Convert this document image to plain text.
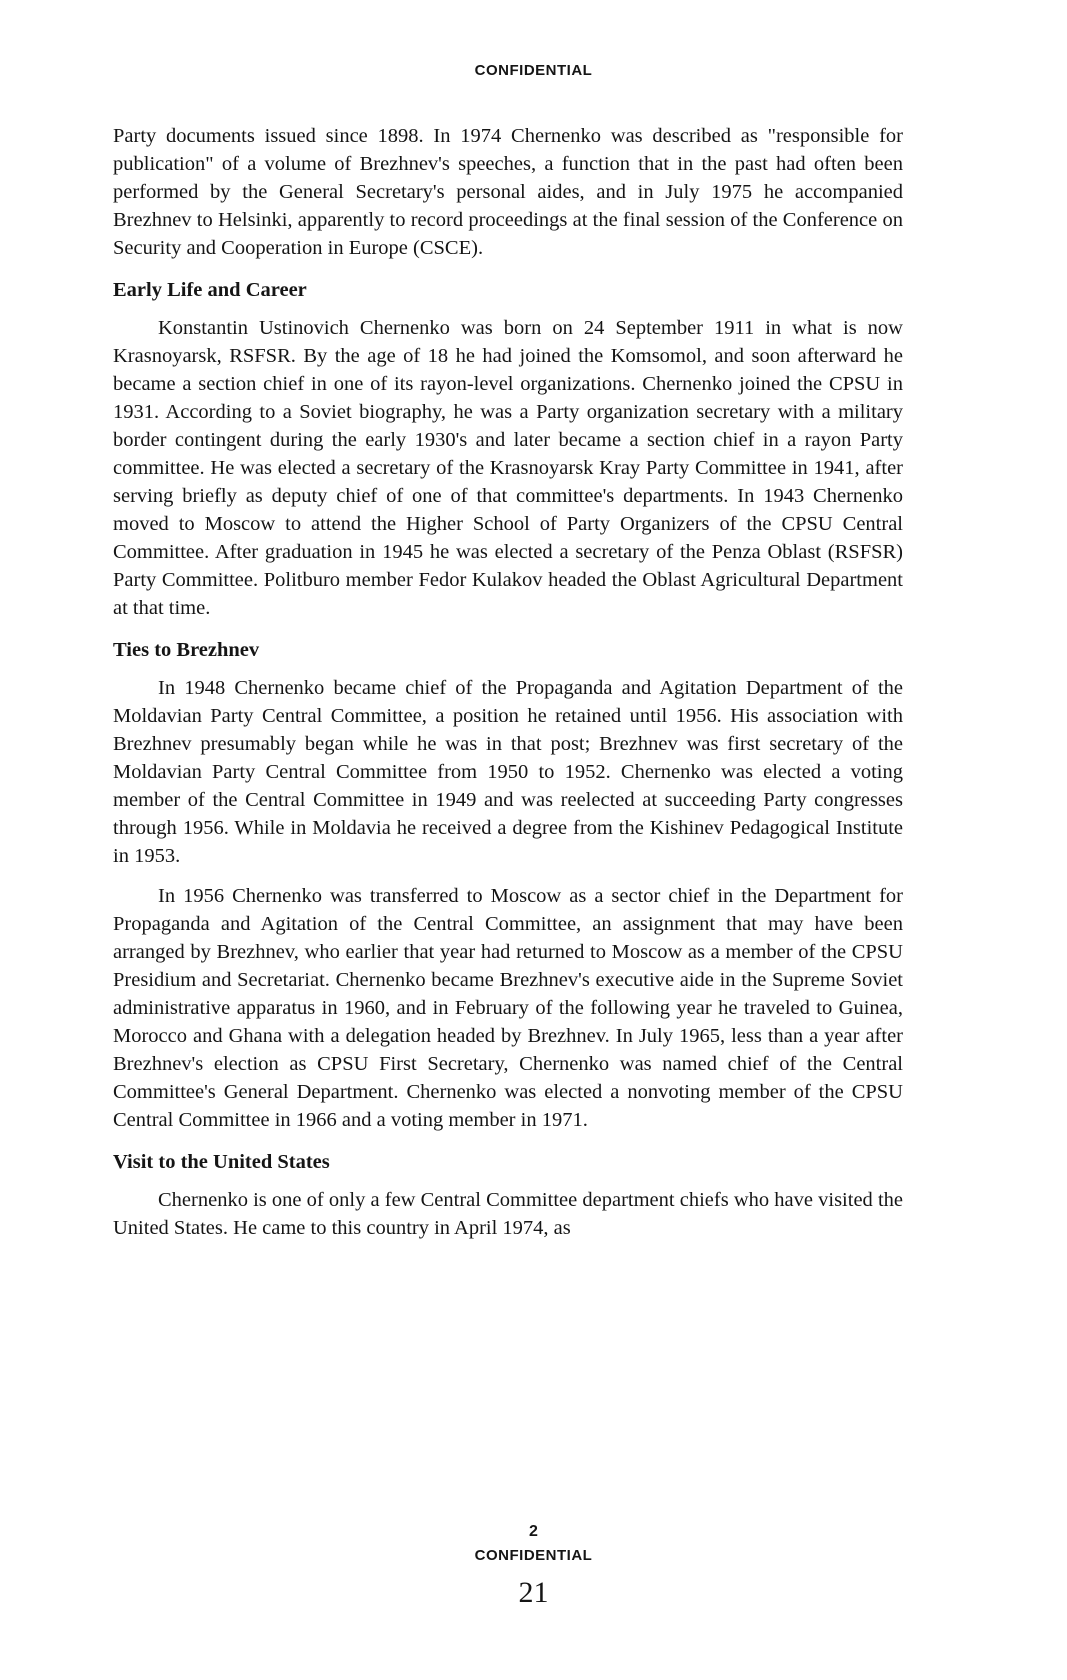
CONFIDENTIAL

Party documents issued since 1898. In 1974 Chernenko was described as "responsible for publication" of a volume of Brezhnev's speeches, a function that in the past had often been performed by the General Secretary's personal aides, and in July 1975 he accompanied Brezhnev to Helsinki, apparently to record proceedings at the final session of the Conference on Security and Cooperation in Europe (CSCE).

Early Life and Career

Konstantin Ustinovich Chernenko was born on 24 September 1911 in what is now Krasnoyarsk, RSFSR. By the age of 18 he had joined the Komsomol, and soon afterward he became a section chief in one of its rayon-level organizations. Chernenko joined the CPSU in 1931. According to a Soviet biography, he was a Party organization secretary with a military border contingent during the early 1930's and later became a section chief in a rayon Party committee. He was elected a secretary of the Krasnoyarsk Kray Party Committee in 1941, after serving briefly as deputy chief of one of that committee's departments. In 1943 Chernenko moved to Moscow to attend the Higher School of Party Organizers of the CPSU Central Committee. After graduation in 1945 he was elected a secretary of the Penza Oblast (RSFSR) Party Committee. Politburo member Fedor Kulakov headed the Oblast Agricultural Department at that time.

Ties to Brezhnev

In 1948 Chernenko became chief of the Propaganda and Agitation Department of the Moldavian Party Central Committee, a position he retained until 1956. His association with Brezhnev presumably began while he was in that post; Brezhnev was first secretary of the Moldavian Party Central Committee from 1950 to 1952. Chernenko was elected a voting member of the Central Committee in 1949 and was reelected at succeeding Party congresses through 1956. While in Moldavia he received a degree from the Kishinev Pedagogical Institute in 1953.

In 1956 Chernenko was transferred to Moscow as a sector chief in the Department for Propaganda and Agitation of the Central Committee, an assignment that may have been arranged by Brezhnev, who earlier that year had returned to Moscow as a member of the CPSU Presidium and Secretariat. Chernenko became Brezhnev's executive aide in the Supreme Soviet administrative apparatus in 1960, and in February of the following year he traveled to Guinea, Morocco and Ghana with a delegation headed by Brezhnev. In July 1965, less than a year after Brezhnev's election as CPSU First Secretary, Chernenko was named chief of the Central Committee's General Department. Chernenko was elected a nonvoting member of the CPSU Central Committee in 1966 and a voting member in 1971.

Visit to the United States

Chernenko is one of only a few Central Committee department chiefs who have visited the United States. He came to this country in April 1974, as

2
CONFIDENTIAL
21
